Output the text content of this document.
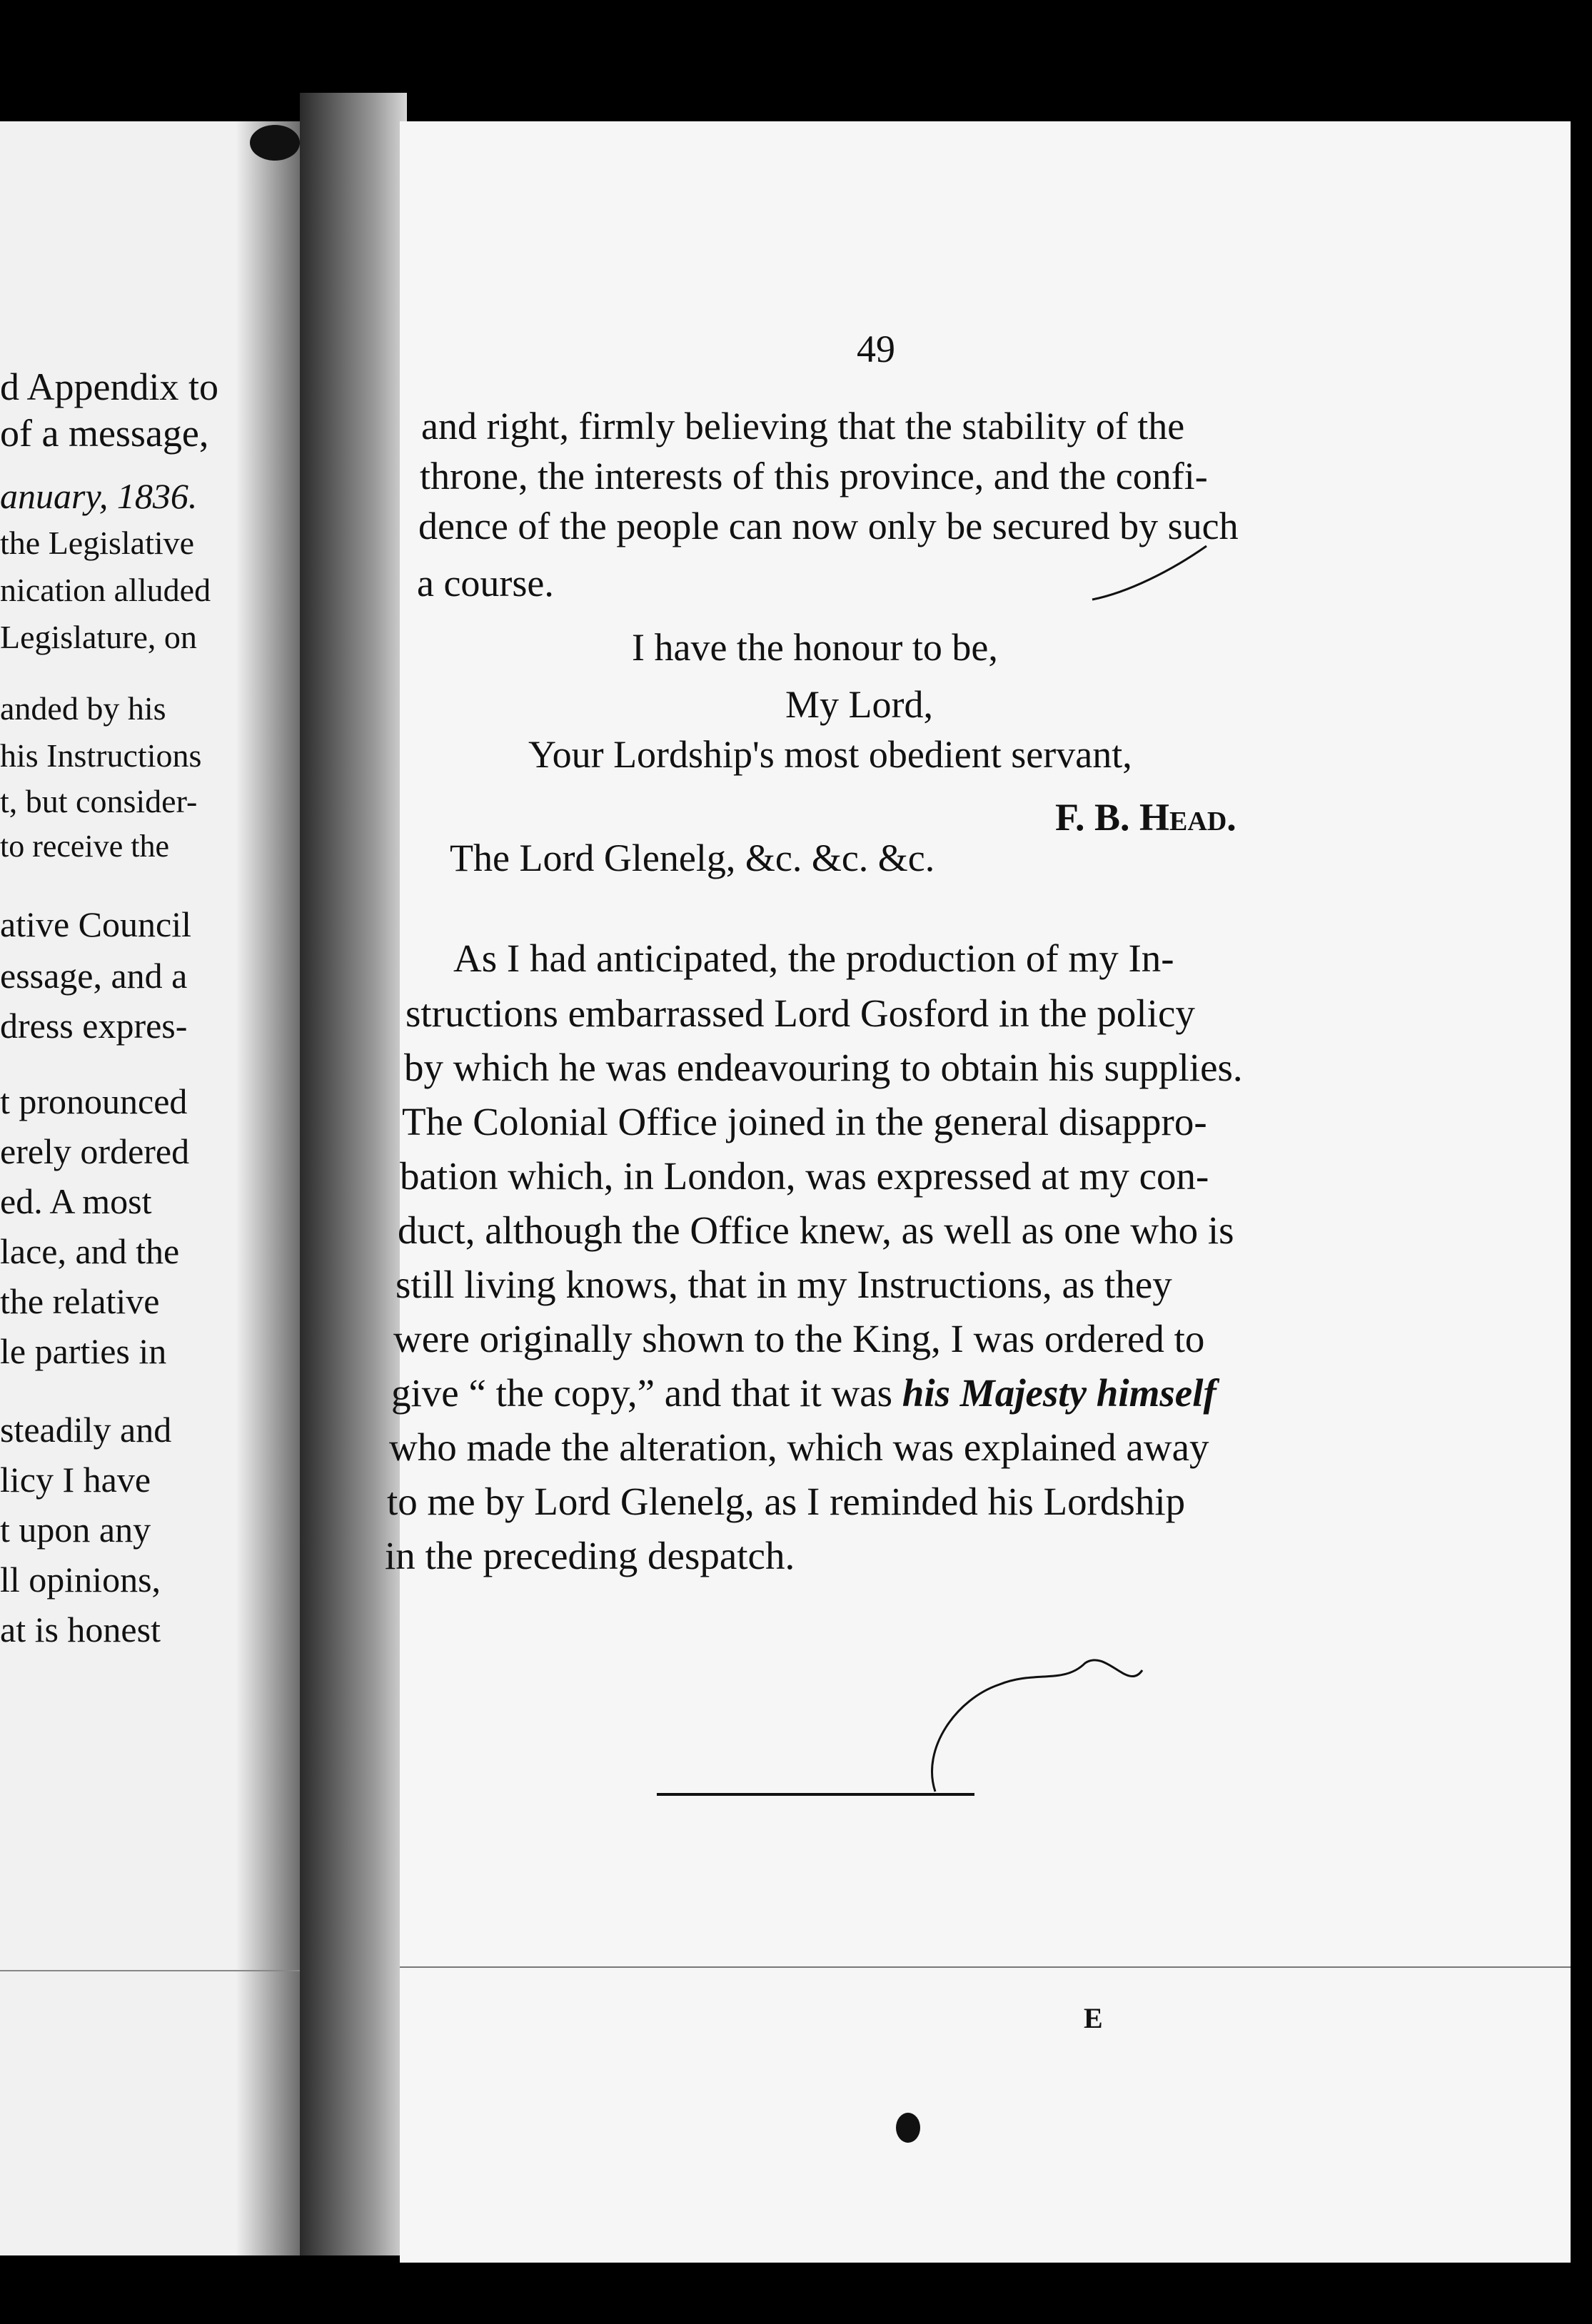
d Appendix to
of a message,
anuary, 1836.
the Legislative
nication alluded
Legislature, on
anded by his
his Instructions
t, but consider-
to receive the
ative Council
essage, and a
dress expres-
t pronounced
erely ordered
ed. A most
lace, and the
the relative
le parties in
steadily and
licy I have
t upon any
ll opinions,
at is honest
49
and right, firmly believing that the stability of the
throne, the interests of this province, and the confi-
dence of the people can now only be secured by such
a course.
I have the honour to be,
My Lord,
Your Lordship's most obedient servant,
F. B. Head.
The Lord Glenelg, &c. &c. &c.
As I had anticipated, the production of my In-
structions embarrassed Lord Gosford in the policy
by which he was endeavouring to obtain his supplies.
The Colonial Office joined in the general disappro-
bation which, in London, was expressed at my con-
duct, although the Office knew, as well as one who is
still living knows, that in my Instructions, as they
were originally shown to the King, I was ordered to
give “ the copy,” and that it was his Majesty himself
who made the alteration, which was explained away
to me by Lord Glenelg, as I reminded his Lordship
in the preceding despatch.
E
